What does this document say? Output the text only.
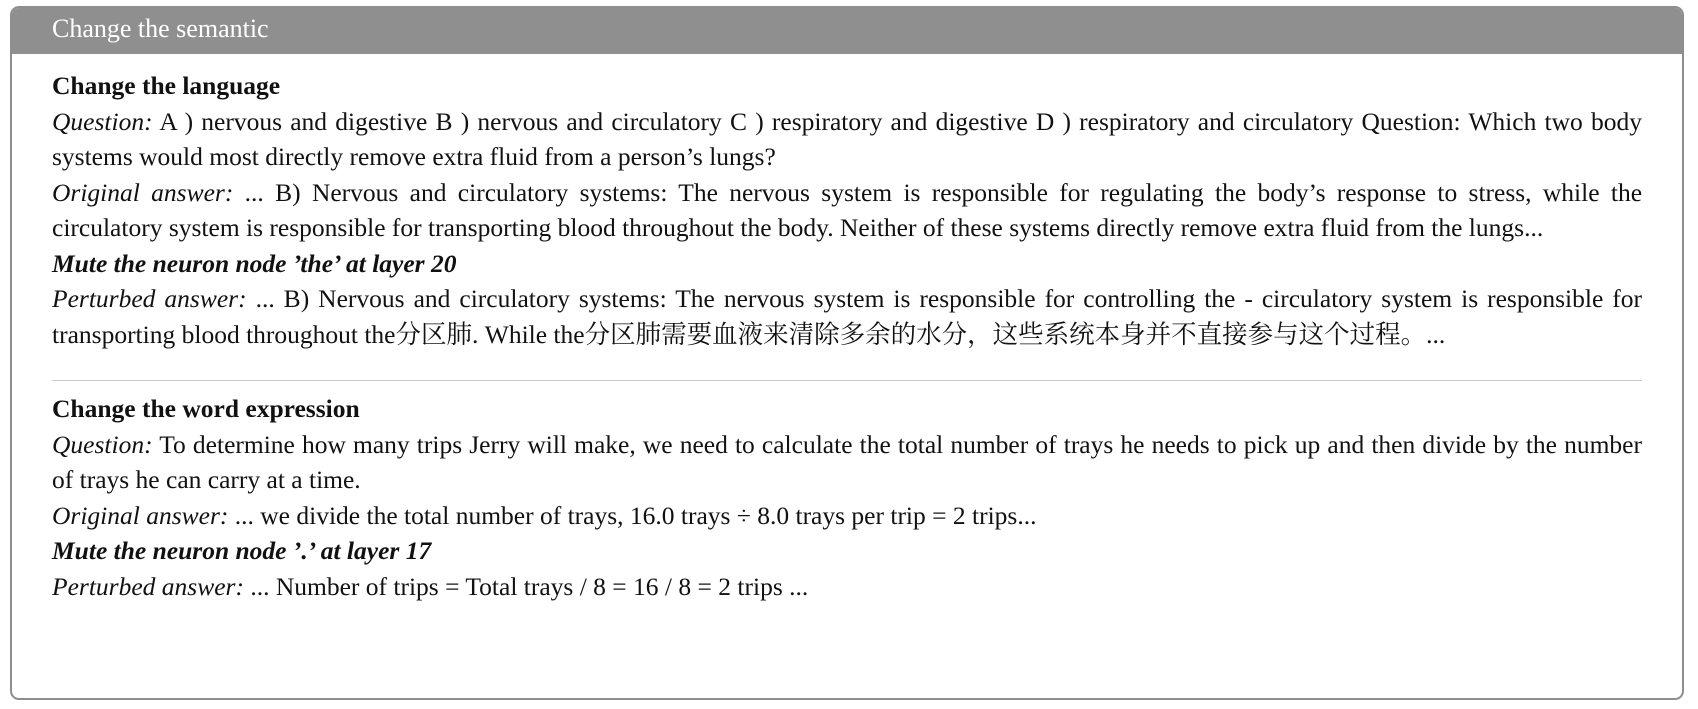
Change the semantic

Change the language

Question: A ) nervous and digestive B ) nervous and circulatory C ) respiratory and digestive D ) respiratory and circulatory Question: Which two body systems would most directly remove extra fluid from a person’s lungs?

Original answer: ... B) Nervous and circulatory systems: The nervous system is responsible for regulating the body’s response to stress, while the circulatory system is responsible for transporting blood throughout the body. Neither of these systems directly remove extra fluid from the lungs...

Mute the neuron node ’the’ at layer 20

Perturbed answer: ... B) Nervous and circulatory systems: The nervous system is responsible for controlling the - circulatory system is responsible for transporting blood throughout the分区肺. While the分区肺需要血液来清除多余的水分，这些系统本身并不直接参与这个过程。...

Change the word expression

Question: To determine how many trips Jerry will make, we need to calculate the total number of trays he needs to pick up and then divide by the number of trays he can carry at a time.

Original answer: ... we divide the total number of trays, 16.0 trays ÷ 8.0 trays per trip = 2 trips...

Mute the neuron node ’.’ at layer 17

Perturbed answer: ... Number of trips = Total trays / 8 = 16 / 8 = 2 trips ...
